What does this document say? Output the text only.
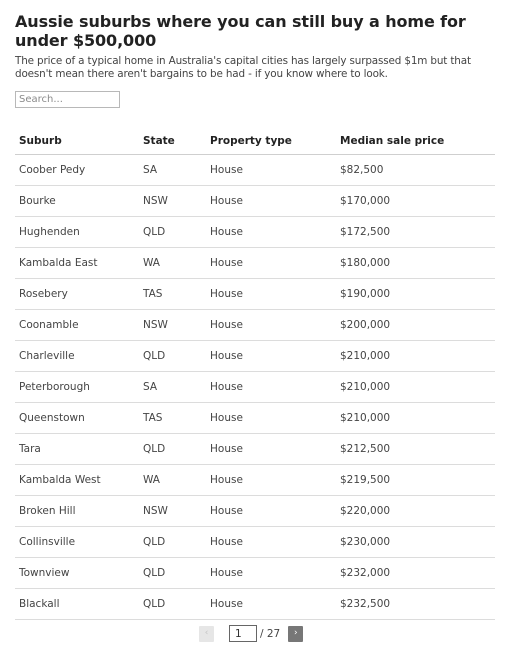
Aussie suburbs where you can still buy a home for under $500,000

The price of a typical home in Australia's capital cities has largely surpassed $1m but that doesn't mean there aren't bargains to be had - if you know where to look.

Search...
Suburb	State	Property type	Median sale price
Coober Pedy	SA	House	$82,500
Bourke	NSW	House	$170,000
Hughenden	QLD	House	$172,500
Kambalda East	WA	House	$180,000
Rosebery	TAS	House	$190,000
Coonamble	NSW	House	$200,000
Charleville	QLD	House	$210,000
Peterborough	SA	House	$210,000
Queenstown	TAS	House	$210,000
Tara	QLD	House	$212,500
Kambalda West	WA	House	$219,500
Broken Hill	NSW	House	$220,000
Collinsville	QLD	House	$230,000
Townview	QLD	House	$232,000
Blackall	QLD	House	$232,500
‹
1	/ 27 ›
